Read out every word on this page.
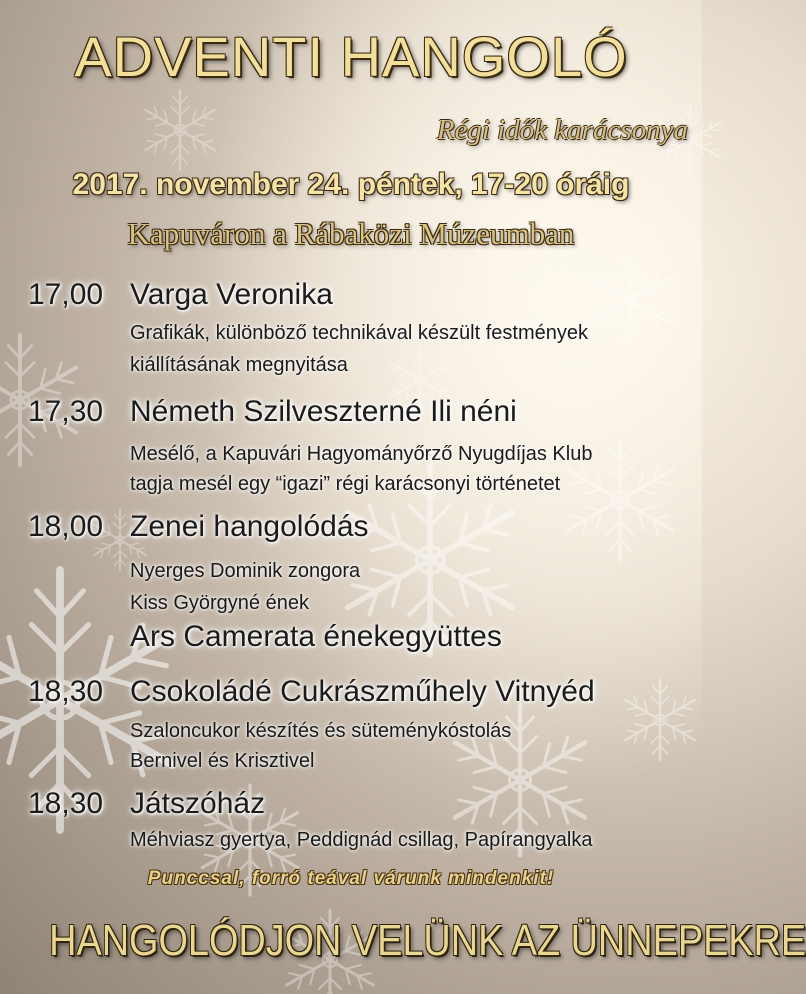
ADVENTI HANGOLÓ
Régi idők karácsonya
2017. november 24. péntek, 17-20 óráig
Kapuváron a Rábaközi Múzeumban
17,00 Varga Veronika
Grafikák, különböző technikával készült festmények
kiállításának megnyitása
17,30 Németh Szilveszterné Ili néni
Mesélő, a Kapuvári Hagyományőrző Nyugdíjas Klub
tagja mesél egy “igazi” régi karácsonyi történetet
18,00 Zenei hangolódás
Nyerges Dominik zongora
Kiss Györgyné ének
Ars Camerata énekegyüttes
18,30 Csokoládé Cukrászműhely Vitnyéd
Szaloncukor készítés és süteménykóstolás
Bernivel és Krisztivel
18,30 Játszóház
Méhviasz gyertya, Peddignád csillag, Papírangyalka
Punccsal, forró teával várunk mindenkit!
HANGOLÓDJON VELÜNK AZ ÜNNEPEKRE
